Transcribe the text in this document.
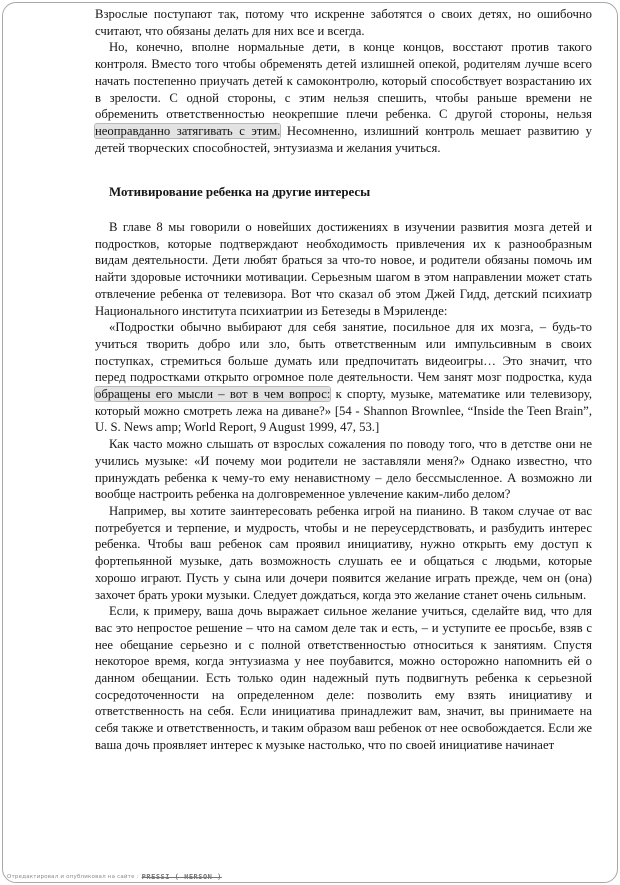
Взрослые поступают так, потому что искренне заботятся о своих детях, но ошибочно считают, что обязаны делать для них все и всегда.

Но, конечно, вполне нормальные дети, в конце концов, восстают против такого контроля. Вместо того чтобы обременять детей излишней опекой, родителям лучше всего начать постепенно приучать детей к самоконтролю, который способствует возрастанию их в зрелости. С одной стороны, с этим нельзя спешить, чтобы раньше времени не обременить ответственностью неокрепшие плечи ребенка. С другой стороны, нельзя неоправданно затягивать с этим. Несомненно, излишний контроль мешает развитию у детей творческих способностей, энтузиазма и желания учиться.

Мотивирование ребенка на другие интересы

В главе 8 мы говорили о новейших достижениях в изучении развития мозга детей и подростков, которые подтверждают необходимость привлечения их к разнообразным видам деятельности. Дети любят браться за что-то новое, и родители обязаны помочь им найти здоровые источники мотивации. Серьезным шагом в этом направлении может стать отвлечение ребенка от телевизора. Вот что сказал об этом Джей Гидд, детский психиатр Национального института психиатрии из Бетезеды в Мэриленде:

«Подростки обычно выбирают для себя занятие, посильное для их мозга, – будь-то учиться творить добро или зло, быть ответственным или импульсивным в своих поступках, стремиться больше думать или предпочитать видеоигры… Это значит, что перед подростками открыто огромное поле деятельности. Чем занят мозг подростка, куда обращены его мысли – вот в чем вопрос: к спорту, музыке, математике или телевизору, который можно смотреть лежа на диване?» [54 - Shannon Brownlee, “Inside the Teen Brain”, U. S. News amp; World Report, 9 August 1999, 47, 53.]

Как часто можно слышать от взрослых сожаления по поводу того, что в детстве они не учились музыке: «И почему мои родители не заставляли меня?» Однако известно, что принуждать ребенка к чему-то ему ненавистному – дело бессмысленное. А возможно ли вообще настроить ребенка на долговременное увлечение каким-либо делом?

Например, вы хотите заинтересовать ребенка игрой на пианино. В таком случае от вас потребуется и терпение, и мудрость, чтобы и не переусердствовать, и разбудить интерес ребенка. Чтобы ваш ребенок сам проявил инициативу, нужно открыть ему доступ к фортепьянной музыке, дать возможность слушать ее и общаться с людьми, которые хорошо играют. Пусть у сына или дочери появится желание играть прежде, чем он (она) захочет брать уроки музыки. Следует дождаться, когда это желание станет очень сильным.

Если, к примеру, ваша дочь выражает сильное желание учиться, сделайте вид, что для вас это непростое решение – что на самом деле так и есть, – и уступите ее просьбе, взяв с нее обещание серьезно и с полной ответственностью относиться к занятиям. Спустя некоторое время, когда энтузиазма у нее поубавится, можно осторожно напомнить ей о данном обещании. Есть только один надежный путь подвигнуть ребенка к серьезной сосредоточенности на определенном деле: позволить ему взять инициативу и ответственность на себя. Если инициатива принадлежит вам, значит, вы принимаете на себя также и ответственность, и таким образом ваш ребенок от нее освобождается. Если же ваша дочь проявляет интерес к музыке настолько, что по своей инициативе начинает

Отредактировал и опубликовал на сайте : PRESSI ( HERSON )
